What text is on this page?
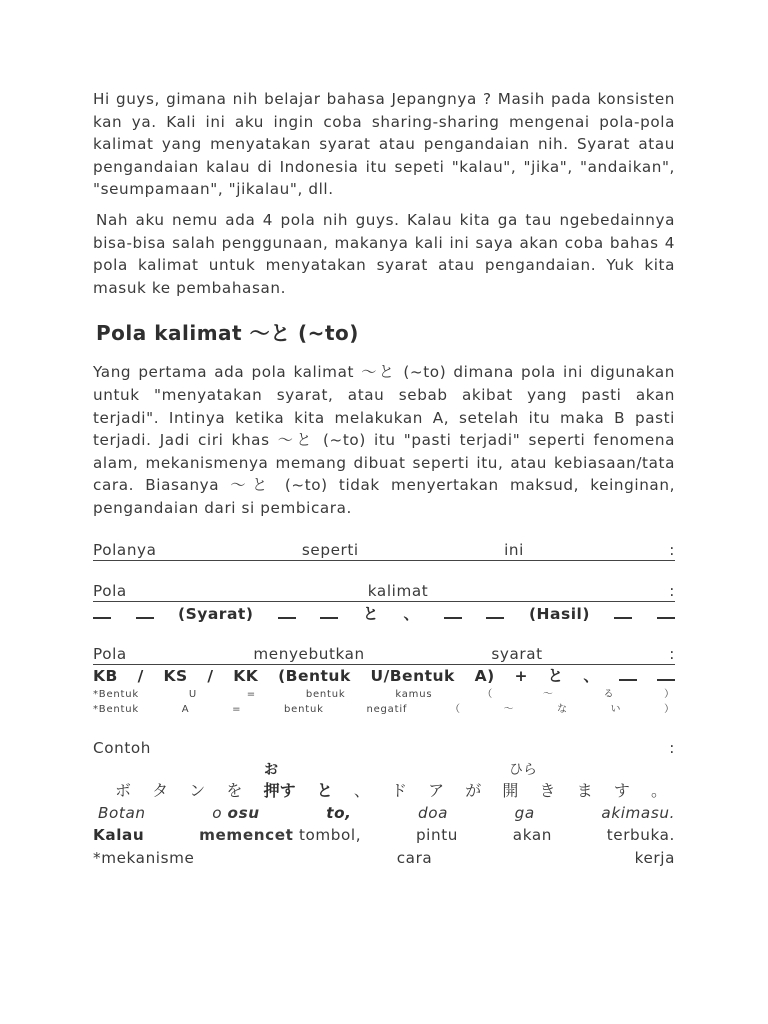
Hi guys, gimana nih belajar bahasa Jepangnya ? Masih pada konsisten kan ya. Kali ini aku ingin coba sharing-sharing mengenai pola-pola kalimat yang menyatakan syarat atau pengandaian nih. Syarat atau pengandaian kalau di Indonesia itu sepeti "kalau", "jika", "andaikan", "seumpamaan", "jikalau", dll.

Nah aku nemu ada 4 pola nih guys. Kalau kita ga tau ngebedainnya bisa-bisa salah penggunaan, makanya kali ini saya akan coba bahas 4 pola kalimat untuk menyatakan syarat atau pengandaian. Yuk kita masuk ke pembahasan.

Pola kalimat ～と (~to)

Yang pertama ada pola kalimat ～と (~to) dimana pola ini digunakan untuk "menyatakan syarat, atau sebab akibat yang pasti akan terjadi". Intinya ketika kita melakukan A, setelah itu maka B pasti terjadi. Jadi ciri khas ～と (~to) itu "pasti terjadi" seperti fenomena alam, mekanismenya memang dibuat seperti itu, atau kebiasaan/tata cara. Biasanya ～と (~to) tidak menyertakan maksud, keinginan, pengandaian dari si pembicara.

Polanya	seperti	ini	:
Pola	kalimat	:
(Syarat)	と 、	(Hasil)
Pola	menyebutkan	syarat	:
KB / KS / KK (Bentuk U/Bentuk A) + と 、
*Bentuk	U	=	bentuk	kamus	（	～	る	）
*Bentuk	A	=	bentuk	negatif	（	～	な	い	）
Contoh	:
お	ひら
ボ タ ン を 押す と 、 ド ア が 開 き ま す 。
Botan	o osu	to,	doa	ga	akimasu.
Kalau	memencet tombol,	pintu	akan	terbuka.
*mekanisme	cara	kerja
